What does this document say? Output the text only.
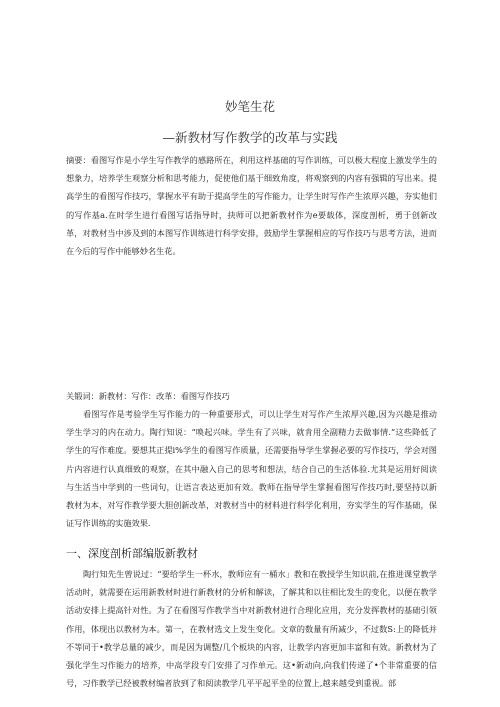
妙笔生花
—新教材写作教学的改革与实践
摘要：看图写作是小学生写作教学的感路所在，利用这样基础的写作训练，可以极大程度上激发学生的想象力，培养学生观察分析和思考能力，促使他们基于细致角度，将观察到的内容有强辑的写出来。提高学生的看图写作技巧，掌握水平有助于提高学生的写作能力，让学生时写作产生浓厚兴趣，夯实他们的写作基a.在时学生进行看图写话指导时，抉师可以把新教材作为e要载体，深度剖析，勇于创新改革，对教材当中涉及到的本图写作训练进行科学安排，鼓励学生掌握相应的写作技巧与思考方法，进而在今后的写作中能够妙名生花。
关锻词：新教材：写作：改革：看图写作技巧
看图写作是考验学生写作能力的一种重要形式，可以让学生对写作产生浓厚兴趣,因为兴趣是推动学生学习的内在动力。陶行知说：“唤起兴味。学生有了兴味，就肯用全副精力去做事情.”这些降低了学生的写作难度。要想其正提i%学生的看图写作质量，还需要指导学生掌握必要的写作技巧，学会对图片内容进行认真细致的观察，在其中融入自己的思考和想法，结合自己的生活体验.尤其是运用好阅读与生活当中学到的一些词句，让语言表达更加有效。教师在指导学生掌握看图写作技巧时,要坚持以新教材为本，对写作教学要大胆创新改革，对教材当中的材料进行科学化利用，夯实学生的写作基础，保证写作训练的实施效果.
一、深度剖析部编版新教材
陶行知先生曾说过：“要给学生一杯水，教师应有一桶水」教和在教授学生知识前,在推进课堂教学活动时，就需要在运用新教材时进行新教材的分析和解读，了解其和以往相比发生的变化，以便在教学活动安排上提高针对性。为了在看图写作教学当中对新教材进行合理化应用，充分发挥教材的基础引领作用，体现出以教材为本。第一，在教材选文上发生变化。文章的数量有所减少，不过数S:上的降低并不等同于•教学总量的减少，而是因为调整/几个板块的内容，让教学内容更加丰富和有效。新教材为了强化学生习作能力的培养，中高学段专门安排了习作单元。这•新动向,向我们传递了•个非常重要的信号，习作教学已经被教材编者放到了和阅读教学几平平起平坐的位置上,越来越受到重视。部
